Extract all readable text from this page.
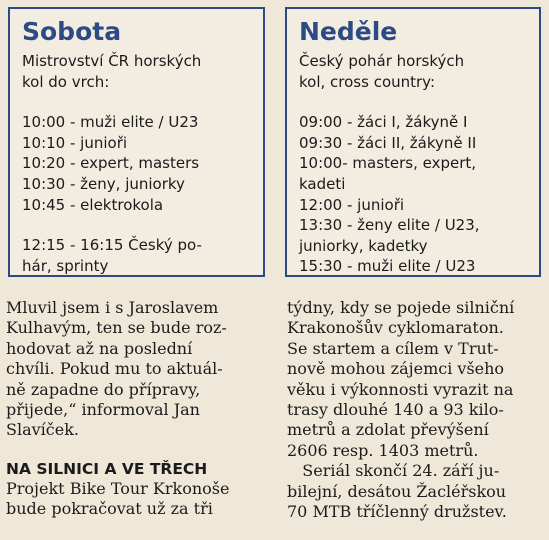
Sobota
Mistrovství ČR horských
kol do vrch:
10:00 - muži elite / U23
10:10 - junioři
10:20 - expert, masters
10:30 - ženy, juniorky
10:45 - elektrokola
12:15 - 16:15 Český po-
hár, sprinty
Neděle
Český pohár horských
kol, cross country:
09:00 - žáci I, žákyně I
09:30 - žáci II, žákyně II
10:00- masters, expert,
kadeti
12:00 - junioři
13:30 - ženy elite / U23,
juniorky, kadetky
15:30 - muži elite / U23
Mluvil jsem i s Jaroslavem
Kulhavým, ten se bude roz-
hodovat až na poslední
chvíli. Pokud mu to aktuál-
ně zapadne do přípravy,
přijede,“ informoval Jan
Slavíček.
NA SILNICI A VE TŘECH
Projekt Bike Tour Krkonoše
bude pokračovat už za tři
týdny, kdy se pojede silniční
Krakonošův cyklomaraton.
Se startem a cílem v Trut-
nově mohou zájemci všeho
věku i výkonnosti vyrazit na
trasy dlouhé 140 a 93 kilo-
metrů a zdolat převýšení
2606 resp. 1403 metrů.
Seriál skončí 24. září ju-
bilejní, desátou Žacléřskou
70 MTB tříčlenný družstev.
